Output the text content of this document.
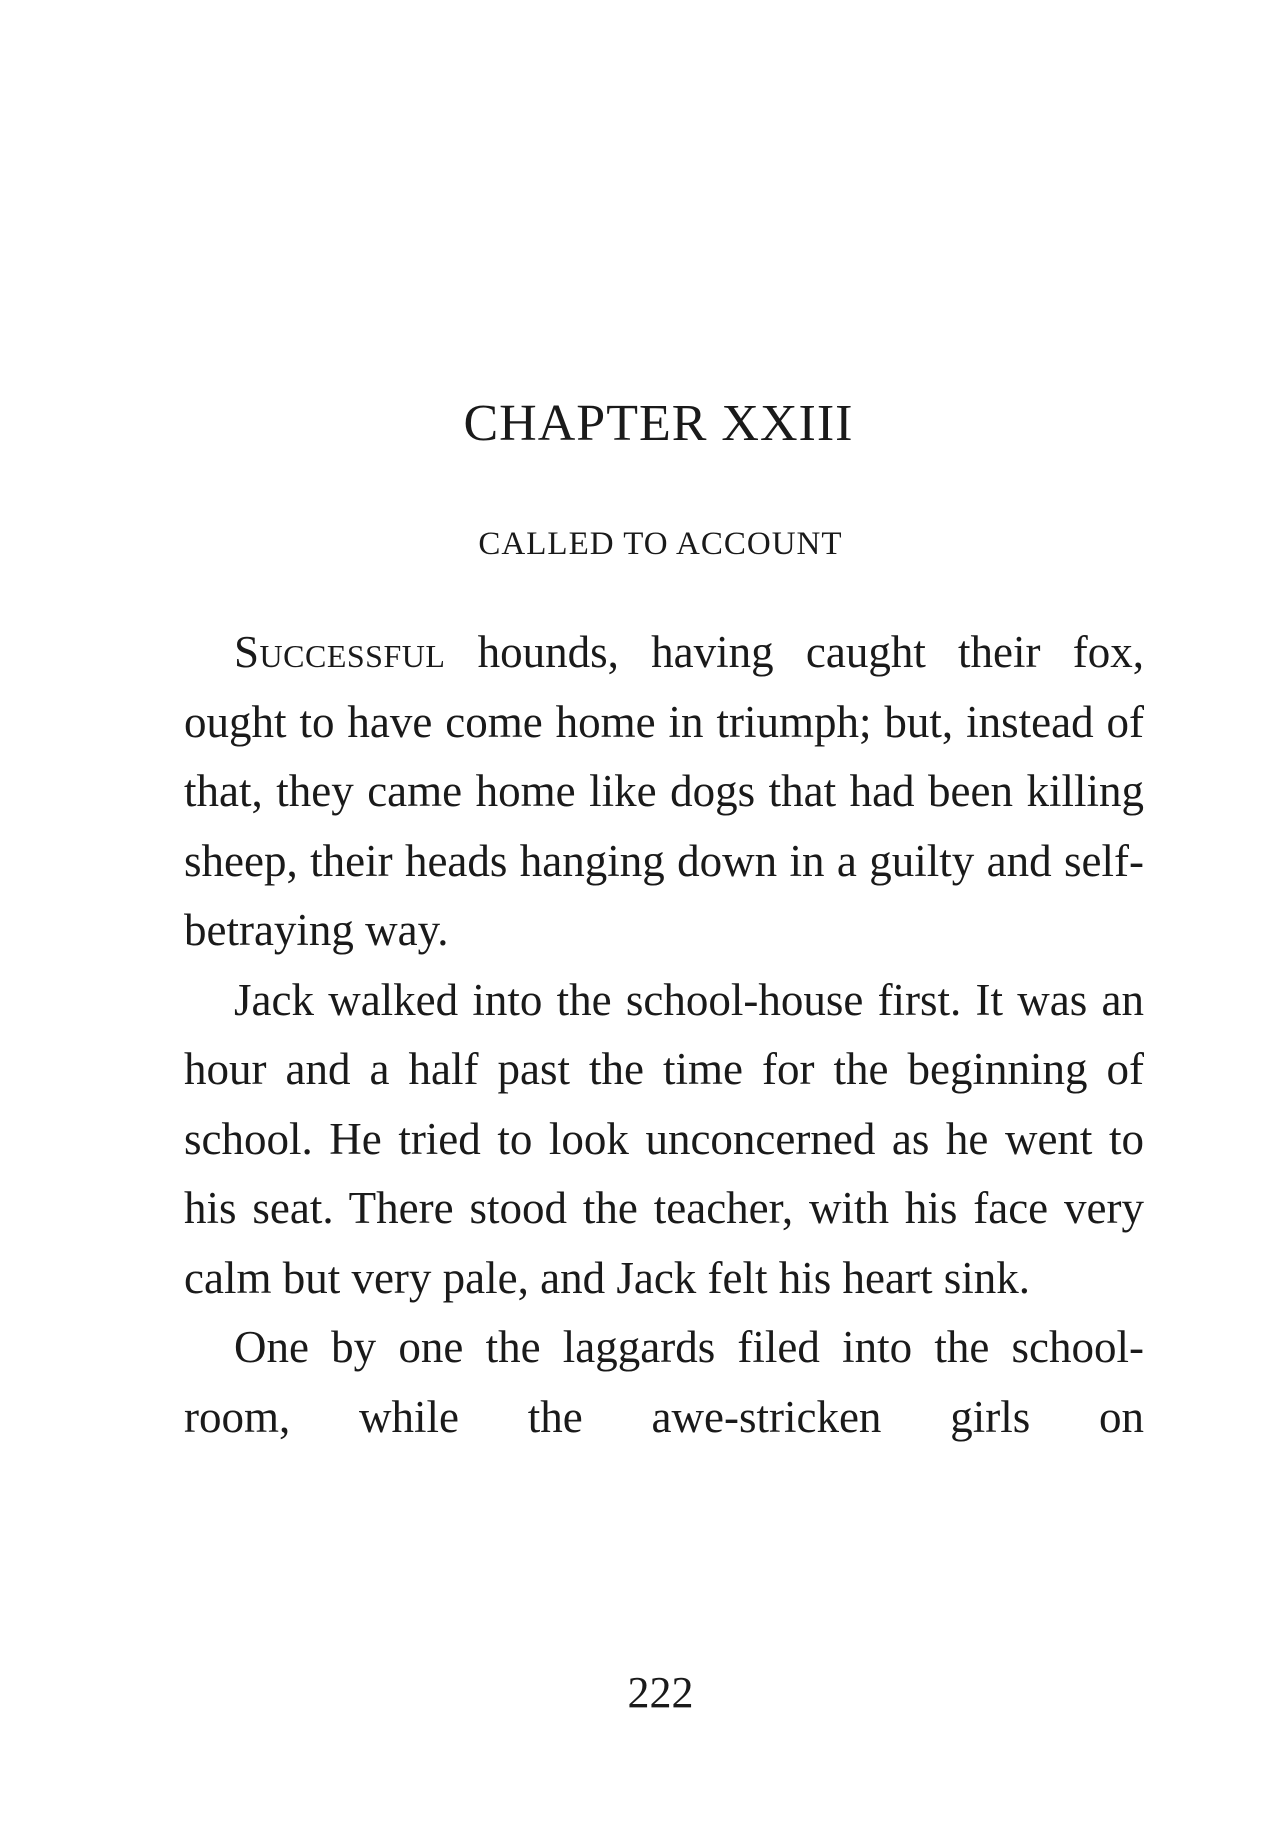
CHAPTER XXIII
CALLED TO ACCOUNT

Successful hounds, having caught their fox, ought to have come home in triumph; but, instead of that, they came home like dogs that had been killing sheep, their heads hanging down in a guilty and self-betraying way.

Jack walked into the school-house first. It was an hour and a half past the time for the beginning of school. He tried to look unconcerned as he went to his seat. There stood the teacher, with his face very calm but very pale, and Jack felt his heart sink.

One by one the laggards filed into the school-room, while the awe-stricken girls on

222
